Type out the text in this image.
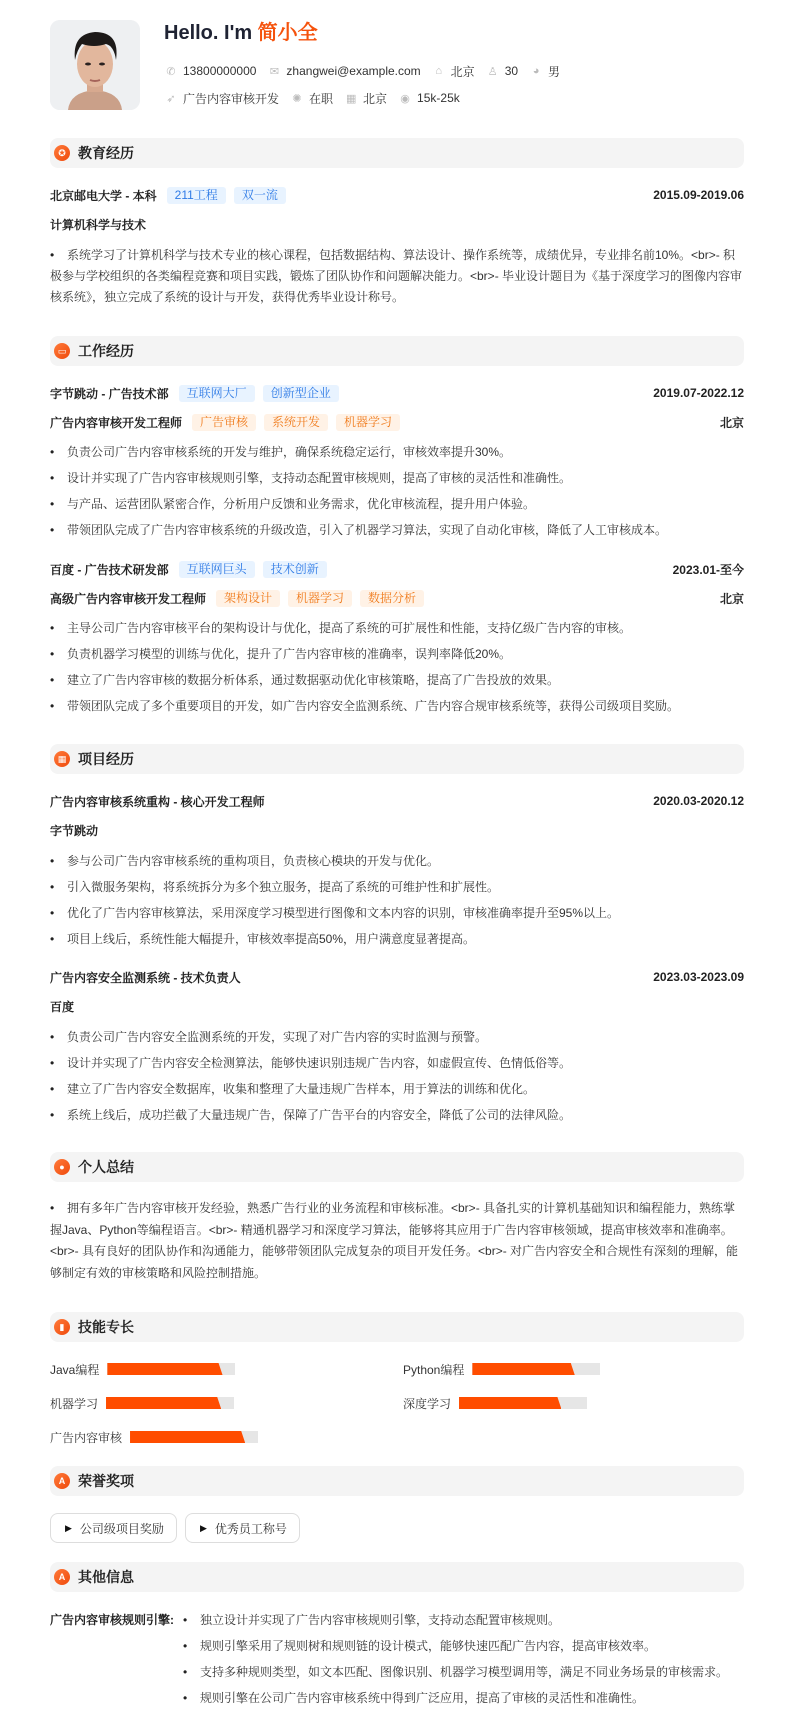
Hello. I'm 简小全
✆ 13800000000 ✉ zhangwei@example.com ⌂ 北京 ♙ 30 ◕ 男
➶ 广告内容审核开发 ✺ 在职 ▦ 北京 ◉ 15k-25k
✪ 教育经历
北京邮电大学 - 本科	211工程	双一流	2015.09-2019.06
计算机科学与技术
• 系统学习了计算机科学与技术专业的核心课程，包括数据结构、算法设计、操作系统等，成绩优异，专业排名前10%。<br>- 积极参与学校组织的各类编程竞赛和项目实践，锻炼了团队协作和问题解决能力。<br>- 毕业设计题目为《基于深度学习的图像内容审核系统》，独立完成了系统的设计与开发，获得优秀毕业设计称号。
▭ 工作经历
字节跳动 - 广告技术部	互联网大厂	创新型企业	2019.07-2022.12
广告内容审核开发工程师	广告审核	系统开发	机器学习	北京
• 负责公司广告内容审核系统的开发与维护，确保系统稳定运行，审核效率提升30%。
• 设计并实现了广告内容审核规则引擎，支持动态配置审核规则，提高了审核的灵活性和准确性。
• 与产品、运营团队紧密合作，分析用户反馈和业务需求，优化审核流程，提升用户体验。
• 带领团队完成了广告内容审核系统的升级改造，引入了机器学习算法，实现了自动化审核，降低了人工审核成本。
百度 - 广告技术研发部	互联网巨头	技术创新	2023.01-至今
高级广告内容审核开发工程师	架构设计	机器学习	数据分析	北京
• 主导公司广告内容审核平台的架构设计与优化，提高了系统的可扩展性和性能，支持亿级广告内容的审核。
• 负责机器学习模型的训练与优化，提升了广告内容审核的准确率，误判率降低20%。
• 建立了广告内容审核的数据分析体系，通过数据驱动优化审核策略，提高了广告投放的效果。
• 带领团队完成了多个重要项目的开发，如广告内容安全监测系统、广告内容合规审核系统等，获得公司级项目奖励。
▦ 项目经历
广告内容审核系统重构 - 核心开发工程师	2020.03-2020.12
字节跳动
• 参与公司广告内容审核系统的重构项目，负责核心模块的开发与优化。
• 引入微服务架构，将系统拆分为多个独立服务，提高了系统的可维护性和扩展性。
• 优化了广告内容审核算法，采用深度学习模型进行图像和文本内容的识别，审核准确率提升至95%以上。
• 项目上线后，系统性能大幅提升，审核效率提高50%，用户满意度显著提高。
广告内容安全监测系统 - 技术负责人	2023.03-2023.09
百度
• 负责公司广告内容安全监测系统的开发，实现了对广告内容的实时监测与预警。
• 设计并实现了广告内容安全检测算法，能够快速识别违规广告内容，如虚假宣传、色情低俗等。
• 建立了广告内容安全数据库，收集和整理了大量违规广告样本，用于算法的训练和优化。
• 系统上线后，成功拦截了大量违规广告，保障了广告平台的内容安全，降低了公司的法律风险。
● 个人总结
• 拥有多年广告内容审核开发经验，熟悉广告行业的业务流程和审核标准。<br>- 具备扎实的计算机基础知识和编程能力，熟练掌握Java、Python等编程语言。<br>- 精通机器学习和深度学习算法，能够将其应用于广告内容审核领域，提高审核效率和准确率。<br>- 具有良好的团队协作和沟通能力，能够带领团队完成复杂的项目开发任务。<br>- 对广告内容安全和合规性有深刻的理解，能够制定有效的审核策略和风险控制措施。
▮ 技能专长
Java编程	Python编程
机器学习	深度学习
广告内容审核
A 荣誉奖项
▶ 公司级项目奖励	▶ 优秀员工称号
A 其他信息
广告内容审核规则引擎:	• 独立设计并实现了广告内容审核规则引擎，支持动态配置审核规则。
• 规则引擎采用了规则树和规则链的设计模式，能够快速匹配广告内容，提高审核效率。
• 支持多种规则类型，如文本匹配、图像识别、机器学习模型调用等，满足不同业务场景的审核需求。
• 规则引擎在公司广告内容审核系统中得到广泛应用，提高了审核的灵活性和准确性。
